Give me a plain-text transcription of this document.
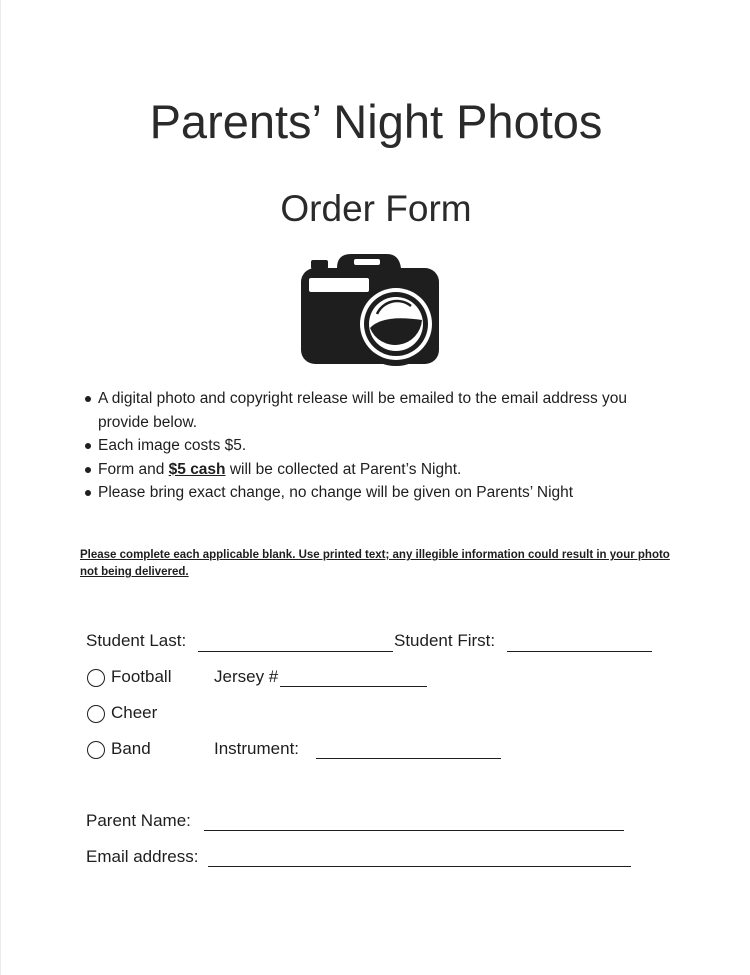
Parents’ Night Photos
Order Form
A digital photo and copyright release will be emailed to the email address you provide below.
Each image costs $5.
Form and $5 cash will be collected at Parent’s Night.
Please bring exact change, no change will be given on Parents’ Night
Please complete each applicable blank. Use printed text; any illegible information could result in your photo not being delivered.
Student Last:	Student First:
Football	Jersey #
Cheer
Band	Instrument:
Parent Name:
Email address:
